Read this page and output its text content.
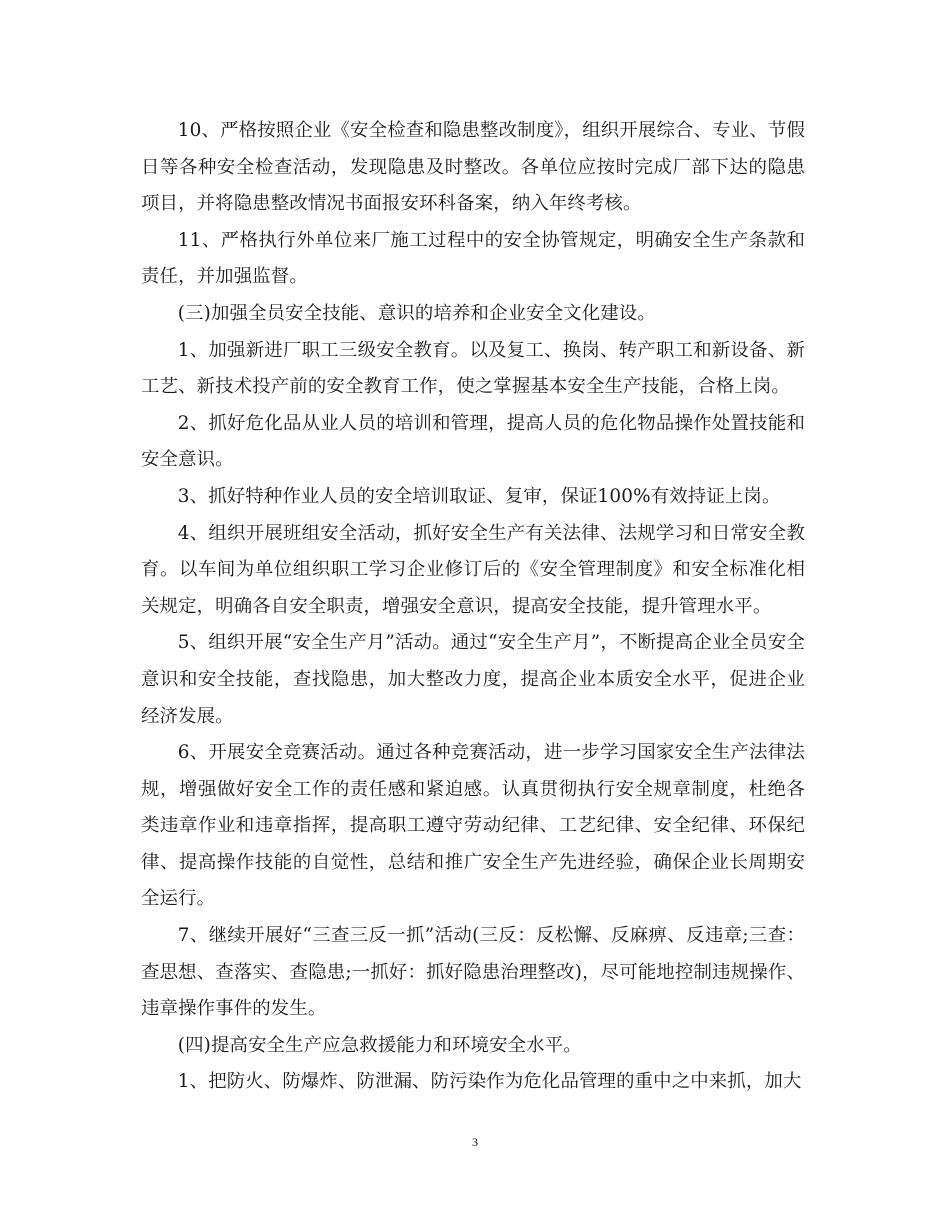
10、严格按照企业《安全检查和隐患整改制度》，组织开展综合、专业、节假日等各种安全检查活动，发现隐患及时整改。各单位应按时完成厂部下达的隐患项目，并将隐患整改情况书面报安环科备案，纳入年终考核。

11、严格执行外单位来厂施工过程中的安全协管规定，明确安全生产条款和责任，并加强监督。

(三)加强全员安全技能、意识的培养和企业安全文化建设。

1、加强新进厂职工三级安全教育。以及复工、换岗、转产职工和新设备、新工艺、新技术投产前的安全教育工作，使之掌握基本安全生产技能，合格上岗。

2、抓好危化品从业人员的培训和管理，提高人员的危化物品操作处置技能和安全意识。

3、抓好特种作业人员的安全培训取证、复审，保证100%有效持证上岗。

4、组织开展班组安全活动，抓好安全生产有关法律、法规学习和日常安全教育。以车间为单位组织职工学习企业修订后的《安全管理制度》和安全标准化相关规定，明确各自安全职责，增强安全意识，提高安全技能，提升管理水平。

5、组织开展“安全生产月”活动。通过“安全生产月”，不断提高企业全员安全意识和安全技能，查找隐患，加大整改力度，提高企业本质安全水平，促进企业经济发展。

6、开展安全竞赛活动。通过各种竞赛活动，进一步学习国家安全生产法律法规，增强做好安全工作的责任感和紧迫感。认真贯彻执行安全规章制度，杜绝各类违章作业和违章指挥，提高职工遵守劳动纪律、工艺纪律、安全纪律、环保纪律、提高操作技能的自觉性，总结和推广安全生产先进经验，确保企业长周期安全运行。

7、继续开展好“三查三反一抓”活动(三反：反松懈、反麻痹、反违章;三查：查思想、查落实、查隐患;一抓好：抓好隐患治理整改)，尽可能地控制违规操作、违章操作事件的发生。

(四)提高安全生产应急救援能力和环境安全水平。

1、把防火、防爆炸、防泄漏、防污染作为危化品管理的重中之中来抓，加大

3
